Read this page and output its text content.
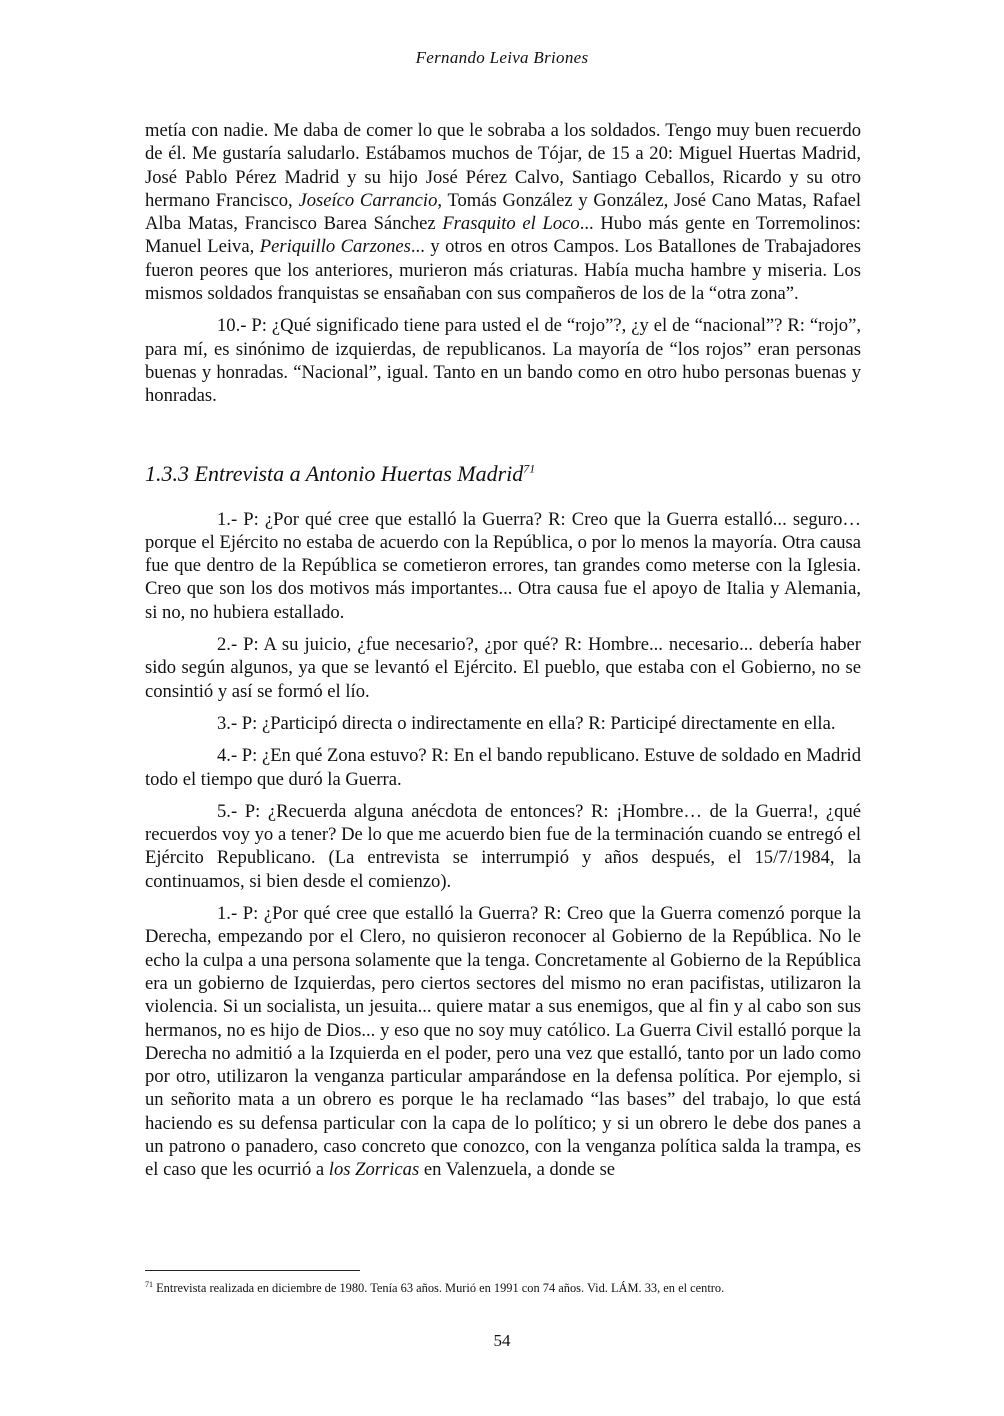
Fernando Leiva Briones

metía con nadie. Me daba de comer lo que le sobraba a los soldados. Tengo muy buen recuerdo de él. Me gustaría saludarlo. Estábamos muchos de Tójar, de 15 a 20: Miguel Huertas Madrid, José Pablo Pérez Madrid y su hijo José Pérez Calvo, Santiago Ceballos, Ricardo y su otro hermano Francisco, Joseíco Carrancio, Tomás González y González, José Cano Matas, Rafael Alba Matas, Francisco Barea Sánchez Frasquito el Loco... Hubo más gente en Torremolinos: Manuel Leiva, Periquillo Carzones... y otros en otros Campos. Los Batallones de Trabajadores fueron peores que los anteriores, murieron más criaturas. Había mucha hambre y miseria. Los mismos soldados franquistas se ensañaban con sus compañeros de los de la “otra zona”.

10.- P: ¿Qué significado tiene para usted el de “rojo”?, ¿y el de “nacional”? R: “rojo”, para mí, es sinónimo de izquierdas, de republicanos. La mayoría de “los rojos” eran personas buenas y honradas. “Nacional”, igual. Tanto en un bando como en otro hubo personas buenas y honradas.

1.3.3 Entrevista a Antonio Huertas Madrid$^{71}$

1.- P: ¿Por qué cree que estalló la Guerra? R: Creo que la Guerra estalló... seguro… porque el Ejército no estaba de acuerdo con la República, o por lo menos la mayoría. Otra causa fue que dentro de la República se cometieron errores, tan grandes como meterse con la Iglesia. Creo que son los dos motivos más importantes... Otra causa fue el apoyo de Italia y Alemania, si no, no hubiera estallado.

2.- P: A su juicio, ¿fue necesario?, ¿por qué? R: Hombre... necesario... debería haber sido según algunos, ya que se levantó el Ejército. El pueblo, que estaba con el Gobierno, no se consintió y así se formó el lío.

3.- P: ¿Participó directa o indirectamente en ella? R: Participé directamente en ella.

4.- P: ¿En qué Zona estuvo? R: En el bando republicano. Estuve de soldado en Madrid todo el tiempo que duró la Guerra.

5.- P: ¿Recuerda alguna anécdota de entonces? R: ¡Hombre… de la Guerra!, ¿qué recuerdos voy yo a tener? De lo que me acuerdo bien fue de la terminación cuando se entregó el Ejército Republicano. (La entrevista se interrumpió y años después, el 15/7/1984, la continuamos, si bien desde el comienzo).

1.- P: ¿Por qué cree que estalló la Guerra? R: Creo que la Guerra comenzó porque la Derecha, empezando por el Clero, no quisieron reconocer al Gobierno de la República. No le echo la culpa a una persona solamente que la tenga. Concretamente al Gobierno de la República era un gobierno de Izquierdas, pero ciertos sectores del mismo no eran pacifistas, utilizaron la violencia. Si un socialista, un jesuita... quiere matar a sus enemigos, que al fin y al cabo son sus hermanos, no es hijo de Dios... y eso que no soy muy católico. La Guerra Civil estalló porque la Derecha no admitió a la Izquierda en el poder, pero una vez que estalló, tanto por un lado como por otro, utilizaron la venganza particular amparándose en la defensa política. Por ejemplo, si un señorito mata a un obrero es porque le ha reclamado “las bases” del trabajo, lo que está haciendo es su defensa particular con la capa de lo político; y si un obrero le debe dos panes a un patrono o panadero, caso concreto que conozco, con la venganza política salda la trampa, es el caso que les ocurrió a los Zorricas en Valenzuela, a donde se

$^{71}$ Entrevista realizada en diciembre de 1980. Tenía 63 años. Murió en 1991 con 74 años. Vid. LÁM. 33, en el centro.
54
